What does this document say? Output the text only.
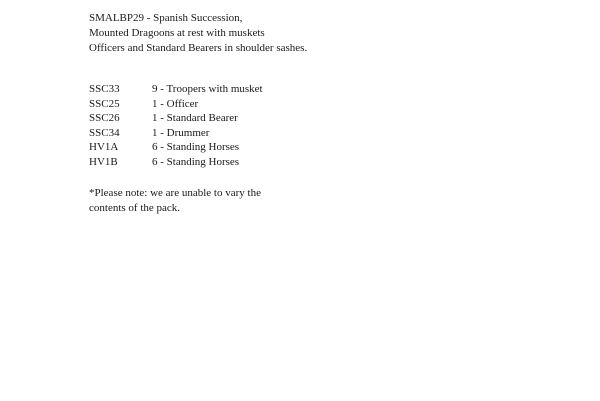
SMALBP29 - Spanish Succession,
Mounted Dragoons at rest with muskets
Officers and Standard Bearers in shoulder sashes.
SSC33	9 - Troopers with musket
SSC25	1 - Officer
SSC26	1 - Standard Bearer
SSC34	1 - Drummer
HV1A	6 - Standing Horses
HV1B	6 - Standing Horses
*Please note: we are unable to vary the
contents of the pack.
